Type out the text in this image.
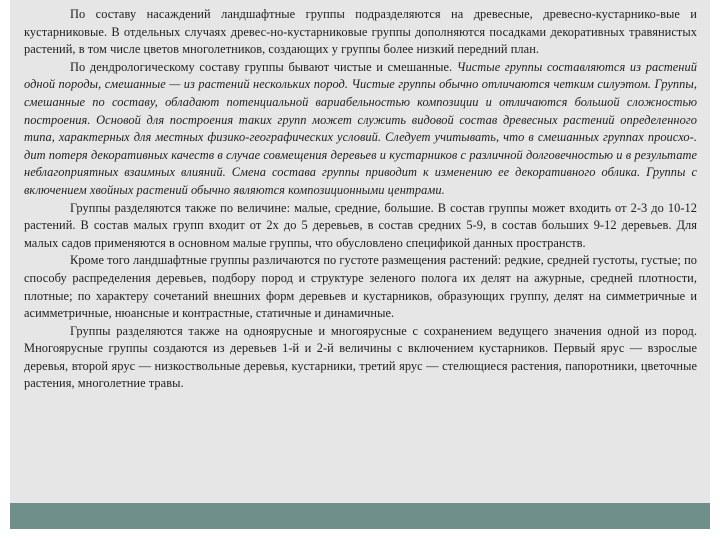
По составу насаждений ландшафтные группы подразделяются на древесные, древесно-кустарнико-вые и кустарниковые. В отдельных случаях древес-но-кустарниковые группы дополняются посадками декоративных травянистых растений, в том числе цветов многолетников, создающих у группы более низкий передний план.

По дендрологическому составу группы бывают чистые и смешанные. Чистые группы составляются из растений одной породы, смешанные — из растений нескольких пород. Чистые группы обычно отличаются четким силуэтом. Группы, смешанные по составу, обладают потенциальной вариабельностью композиции и отличаются большой сложностью построения. Основой для построения таких групп может служить видовой состав древесных растений определенного типа, характерных для местных физико-географических условий. Следует учитывать, что в смешанных группах происхо-. дит потеря декоративных качеств в случае совмещения деревьев и кустарников с различной долговечностью и в результате неблагоприятных взаимных влияний. Смена состава группы приводит к изменению ее декоративного облика. Группы с включением хвойных растений обычно являются композиционными центрами.

Группы разделяются также по величине: малые, средние, большие. В состав группы может входить от 2-3 до 10-12 растений. В состав малых групп входит от 2х до 5 деревьев, в состав средних 5-9, в состав больших 9-12 деревьев. Для малых садов применяются в основном малые группы, что обусловлено спецификой данных пространств.

Кроме того ландшафтные группы различаются по густоте размещения растений: редкие, средней густоты, густые; по способу распределения деревьев, подбору пород и структуре зеленого полога их делят на ажурные, средней плотности, плотные; по характеру сочетаний внешних форм деревьев и кустарников, образующих группу, делят на симметричные и асимметричные, нюансные и контрастные, статичные и динамичные.

Группы разделяются также на одноярусные и многоярусные с сохранением ведущего значения одной из пород. Многоярусные группы создаются из деревьев 1-й и 2-й величины с включением кустарников. Первый ярус — взрослые деревья, второй ярус — низкоствольные деревья, кустарники, третий ярус — стелющиеся растения, папоротники, цветочные растения, многолетние травы.
